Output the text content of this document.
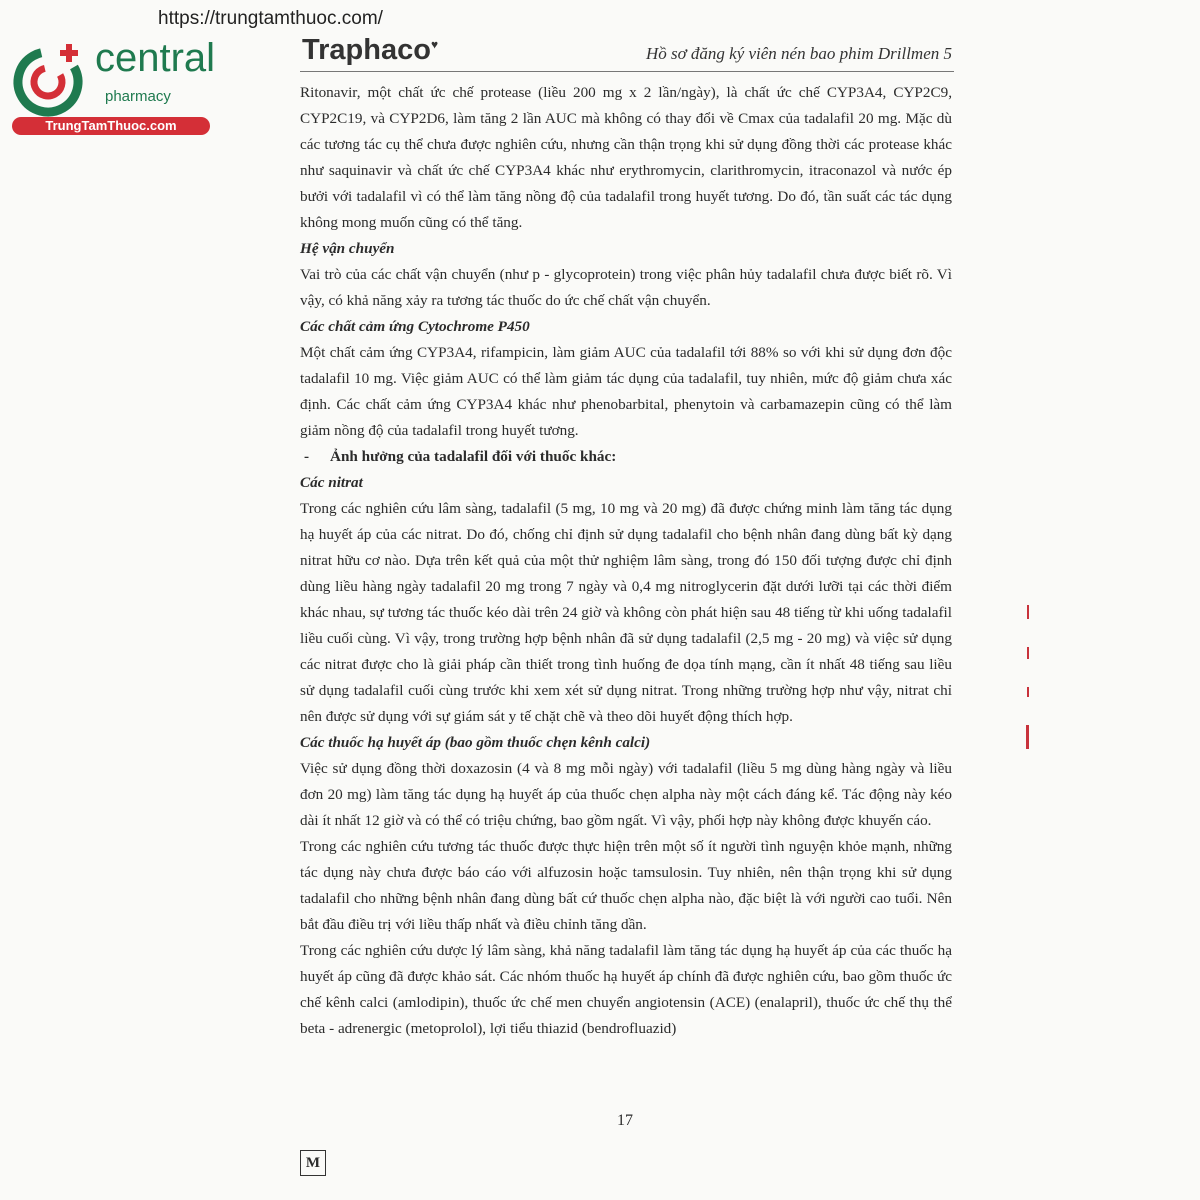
https://trungtamthuoc.com/
central
pharmacy
TrungTamThuoc.com
Traphaco♥	Hồ sơ đăng ký viên nén bao phim Drillmen 5

Ritonavir, một chất ức chế protease (liều 200 mg x 2 lần/ngày), là chất ức chế CYP3A4, CYP2C9, CYP2C19, và CYP2D6, làm tăng 2 lần AUC mà không có thay đổi về Cmax của tadalafil 20 mg. Mặc dù các tương tác cụ thể chưa được nghiên cứu, nhưng cần thận trọng khi sử dụng đồng thời các protease khác như saquinavir và chất ức chế CYP3A4 khác như erythromycin, clarithromycin, itraconazol và nước ép bưởi với tadalafil vì có thể làm tăng nồng độ của tadalafil trong huyết tương. Do đó, tần suất các tác dụng không mong muốn cũng có thể tăng.

Hệ vận chuyển

Vai trò của các chất vận chuyển (như p - glycoprotein) trong việc phân hủy tadalafil chưa được biết rõ. Vì vậy, có khả năng xảy ra tương tác thuốc do ức chế chất vận chuyển.

Các chất cảm ứng Cytochrome P450

Một chất cảm ứng CYP3A4, rifampicin, làm giảm AUC của tadalafil tới 88% so với khi sử dụng đơn độc tadalafil 10 mg. Việc giảm AUC có thể làm giảm tác dụng của tadalafil, tuy nhiên, mức độ giảm chưa xác định. Các chất cảm ứng CYP3A4 khác như phenobarbital, phenytoin và carbamazepin cũng có thể làm giảm nồng độ của tadalafil trong huyết tương.

- Ảnh hưởng của tadalafil đối với thuốc khác:

Các nitrat

Trong các nghiên cứu lâm sàng, tadalafil (5 mg, 10 mg và 20 mg) đã được chứng minh làm tăng tác dụng hạ huyết áp của các nitrat. Do đó, chống chỉ định sử dụng tadalafil cho bệnh nhân đang dùng bất kỳ dạng nitrat hữu cơ nào. Dựa trên kết quả của một thử nghiệm lâm sàng, trong đó 150 đối tượng được chỉ định dùng liều hàng ngày tadalafil 20 mg trong 7 ngày và 0,4 mg nitroglycerin đặt dưới lưỡi tại các thời điểm khác nhau, sự tương tác thuốc kéo dài trên 24 giờ và không còn phát hiện sau 48 tiếng từ khi uống tadalafil liều cuối cùng. Vì vậy, trong trường hợp bệnh nhân đã sử dụng tadalafil (2,5 mg - 20 mg) và việc sử dụng các nitrat được cho là giải pháp cần thiết trong tình huống đe dọa tính mạng, cần ít nhất 48 tiếng sau liều sử dụng tadalafil cuối cùng trước khi xem xét sử dụng nitrat. Trong những trường hợp như vậy, nitrat chỉ nên được sử dụng với sự giám sát y tế chặt chẽ và theo dõi huyết động thích hợp.

Các thuốc hạ huyết áp (bao gồm thuốc chẹn kênh calci)

Việc sử dụng đồng thời doxazosin (4 và 8 mg mỗi ngày) với tadalafil (liều 5 mg dùng hàng ngày và liều đơn 20 mg) làm tăng tác dụng hạ huyết áp của thuốc chẹn alpha này một cách đáng kể. Tác động này kéo dài ít nhất 12 giờ và có thể có triệu chứng, bao gồm ngất. Vì vậy, phối hợp này không được khuyến cáo.

Trong các nghiên cứu tương tác thuốc được thực hiện trên một số ít người tình nguyện khỏe mạnh, những tác dụng này chưa được báo cáo với alfuzosin hoặc tamsulosin. Tuy nhiên, nên thận trọng khi sử dụng tadalafil cho những bệnh nhân đang dùng bất cứ thuốc chẹn alpha nào, đặc biệt là với người cao tuổi. Nên bắt đầu điều trị với liều thấp nhất và điều chỉnh tăng dần.

Trong các nghiên cứu dược lý lâm sàng, khả năng tadalafil làm tăng tác dụng hạ huyết áp của các thuốc hạ huyết áp cũng đã được khảo sát. Các nhóm thuốc hạ huyết áp chính đã được nghiên cứu, bao gồm thuốc ức chế kênh calci (amlodipin), thuốc ức chế men chuyển angiotensin (ACE) (enalapril), thuốc ức chế thụ thể beta - adrenergic (metoprolol), lợi tiểu thiazid (bendrofluazid)

17
M
